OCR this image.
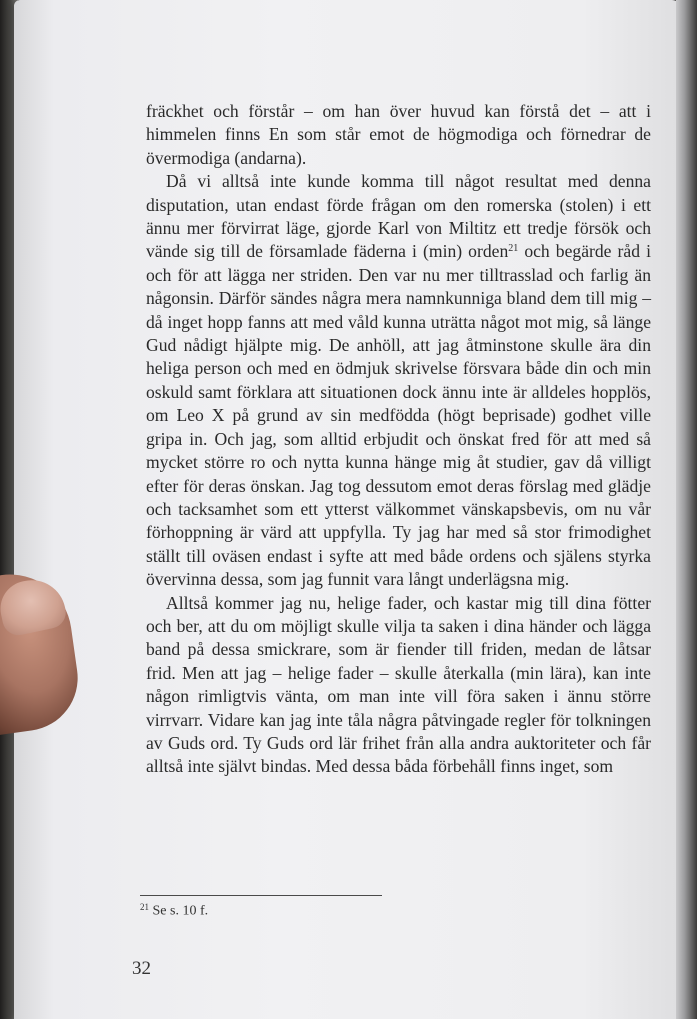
fräckhet och förstår – om han över huvud kan förstå det – att i himmelen finns En som står emot de högmodiga och förnedrar de övermodiga (andarna).

Då vi alltså inte kunde komma till något resultat med denna disputation, utan endast förde frågan om den romerska (stolen) i ett ännu mer förvirrat läge, gjorde Karl von Miltitz ett tredje försök och vände sig till de församlade fäderna i (min) orden$^{21}$ och begärde råd i och för att lägga ner striden. Den var nu mer tilltrasslad och farlig än någonsin. Därför sändes några mera namnkunniga bland dem till mig – då inget hopp fanns att med våld kunna uträtta något mot mig, så länge Gud nådigt hjälpte mig. De anhöll, att jag åtminstone skulle ära din heliga person och med en ödmjuk skrivelse försvara både din och min oskuld samt förklara att situationen dock ännu inte är alldeles hopplös, om Leo X på grund av sin medfödda (högt beprisade) godhet ville gripa in. Och jag, som alltid erbjudit och önskat fred för att med så mycket större ro och nytta kunna hänge mig åt studier, gav då villigt efter för deras önskan. Jag tog dessutom emot deras förslag med glädje och tacksamhet som ett ytterst välkommet vänskapsbevis, om nu vår förhoppning är värd att uppfylla. Ty jag har med så stor frimodighet ställt till oväsen endast i syfte att med både ordens och själens styrka övervinna dessa, som jag funnit vara långt underlägsna mig.

Alltså kommer jag nu, helige fader, och kastar mig till dina fötter och ber, att du om möjligt skulle vilja ta saken i dina händer och lägga band på dessa smickrare, som är fiender till friden, medan de låtsar frid. Men att jag – helige fader – skulle återkalla (min lära), kan inte någon rimligtvis vänta, om man inte vill föra saken i ännu större virrvarr. Vidare kan jag inte tåla några påtvingade regler för tolkningen av Guds ord. Ty Guds ord lär frihet från alla andra auktoriteter och får alltså inte självt bindas. Med dessa båda förbehåll finns inget, som

$^{21}$ Se s. 10 f.
32
